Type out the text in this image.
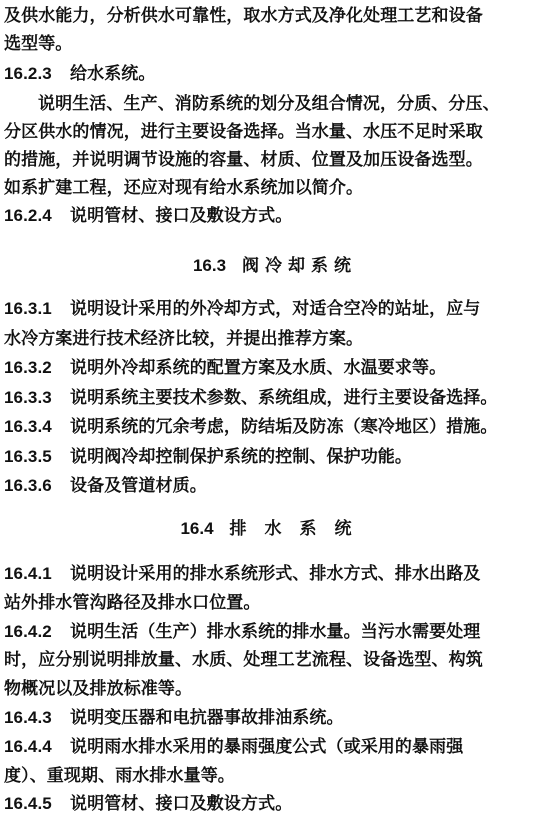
及供水能力，分析供水可靠性，取水方式及净化处理工艺和设备
选型等。
16.2.3 给水系统。
说明生活、生产、消防系统的划分及组合情况，分质、分压、
分区供水的情况，进行主要设备选择。当水量、水压不足时采取
的措施，并说明调节设施的容量、材质、位置及加压设备选型。
如系扩建工程，还应对现有给水系统加以简介。
16.2.4 说明管材、接口及敷设方式。
16.3 阀冷却系统
16.3.1 说明设计采用的外冷却方式，对适合空冷的站址，应与
水冷方案进行技术经济比较，并提出推荐方案。
16.3.2 说明外冷却系统的配置方案及水质、水温要求等。
16.3.3 说明系统主要技术参数、系统组成，进行主要设备选择。
16.3.4 说明系统的冗余考虑，防结垢及防冻（寒冷地区）措施。
16.3.5 说明阀冷却控制保护系统的控制、保护功能。
16.3.6 设备及管道材质。
16.4 排水系统
16.4.1 说明设计采用的排水系统形式、排水方式、排水出路及
站外排水管沟路径及排水口位置。
16.4.2 说明生活（生产）排水系统的排水量。当污水需要处理
时，应分别说明排放量、水质、处理工艺流程、设备选型、构筑
物概况以及排放标准等。
16.4.3 说明变压器和电抗器事故排油系统。
16.4.4 说明雨水排水采用的暴雨强度公式（或采用的暴雨强
度）、重现期、雨水排水量等。
16.4.5 说明管材、接口及敷设方式。
